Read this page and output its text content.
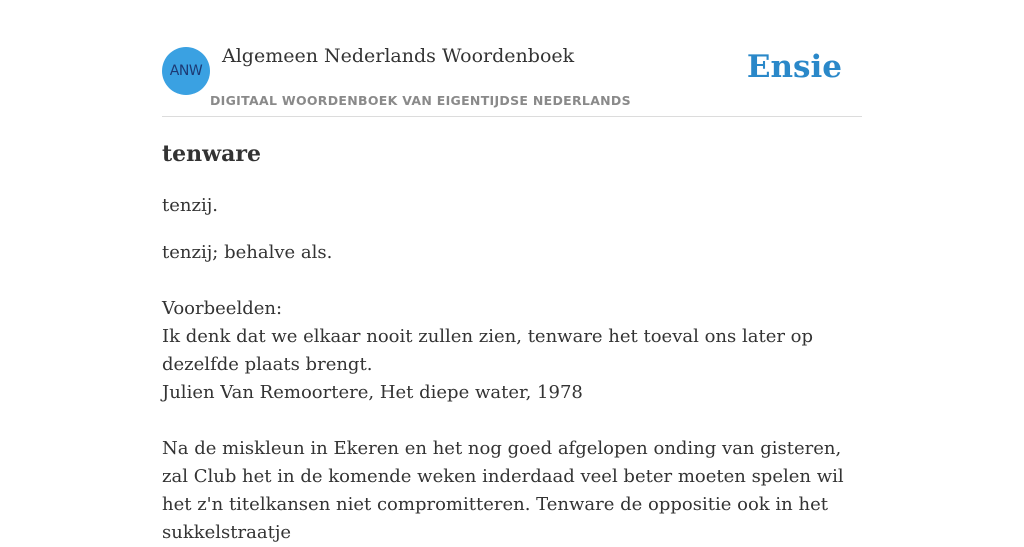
ANW
Algemeen Nederlands Woordenboek
DIGITAAL WOORDENBOEK VAN EIGENTIJDSE NEDERLANDS
Ensie
tenware

tenzij.

tenzij; behalve als.

Voorbeelden:

Ik denk dat we elkaar nooit zullen zien, tenware het toeval ons later op dezelfde plaats brengt.

Julien Van Remoortere, Het diepe water, 1978

Na de miskleun in Ekeren en het nog goed afgelopen onding van gisteren, zal Club het in de komende weken inderdaad veel beter moeten spelen wil het z'n titelkansen niet compromitteren. Tenware de oppositie ook in het sukkelstraatje
